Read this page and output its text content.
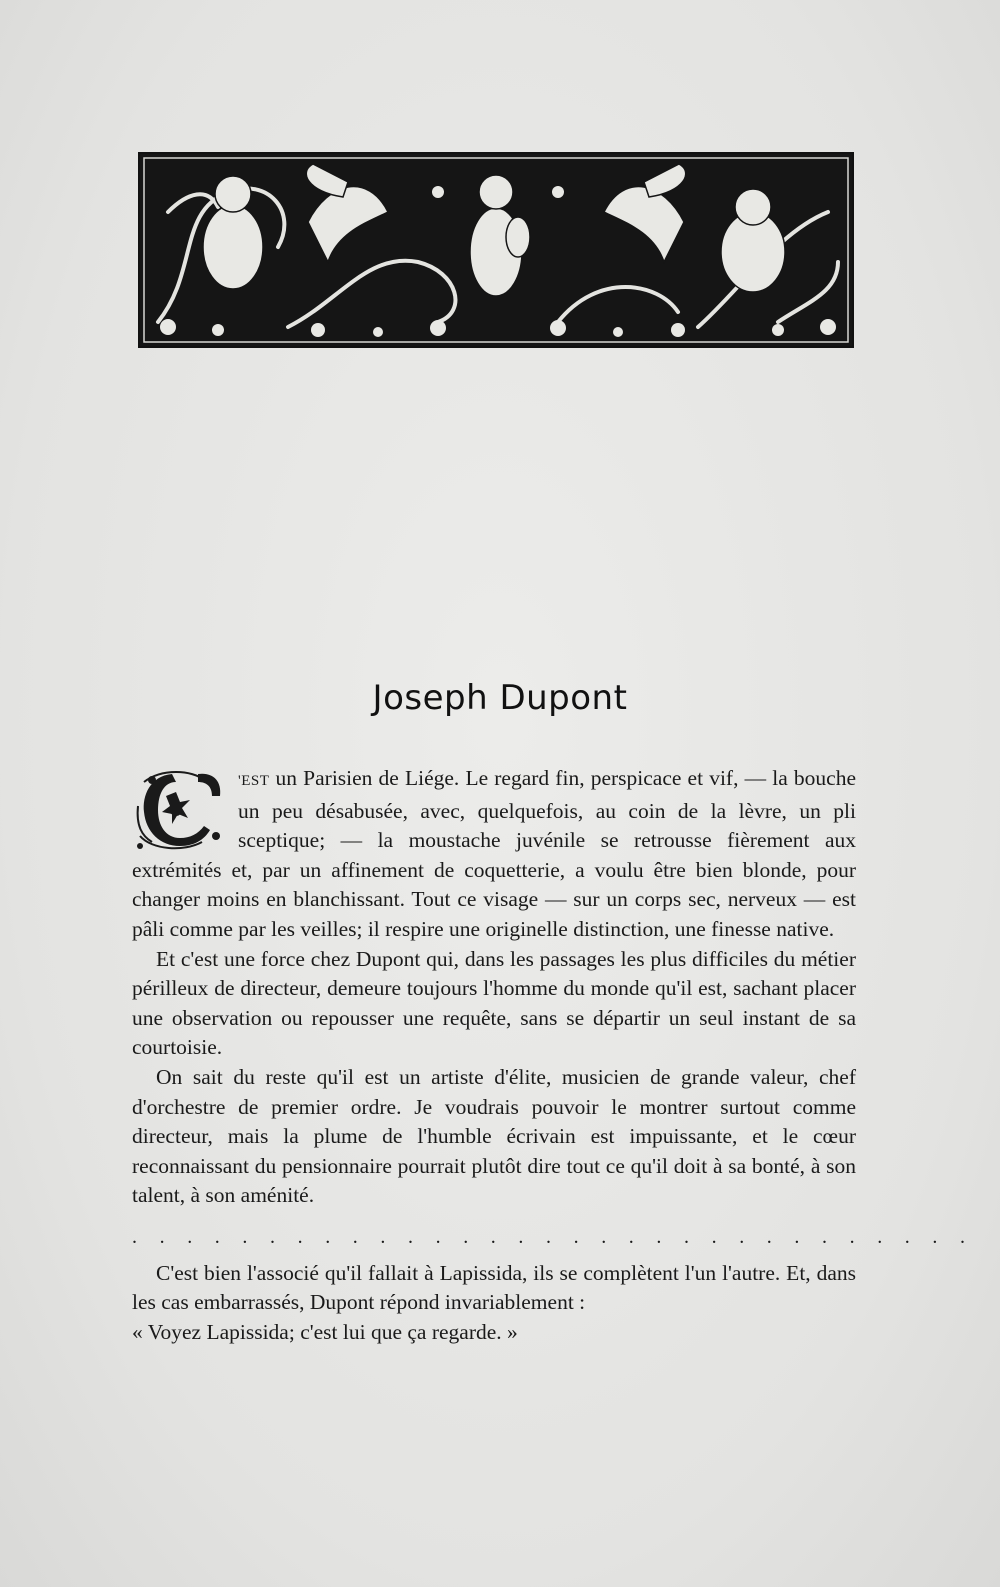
Joseph Dupont

'EST un Parisien de Liége. Le regard fin, perspicace et vif, — la bouche un peu désabusée, avec, quelquefois, au coin de la lèvre, un pli sceptique; — la moustache juvénile se retrousse fièrement aux extrémités et, par un affinement de coquetterie, a voulu être bien blonde, pour changer moins en blanchissant. Tout ce visage — sur un corps sec, nerveux — est pâli comme par les veilles; il respire une originelle distinction, une finesse native.

Et c'est une force chez Dupont qui, dans les passages les plus difficiles du métier périlleux de directeur, demeure toujours l'homme du monde qu'il est, sachant placer une observation ou repousser une requête, sans se départir un seul instant de sa courtoisie.

On sait du reste qu'il est un artiste d'élite, musicien de grande valeur, chef d'orchestre de premier ordre. Je voudrais pouvoir le montrer surtout comme directeur, mais la plume de l'humble écrivain est impuissante, et le cœur reconnaissant du pensionnaire pourrait plutôt dire tout ce qu'il doit à sa bonté, à son talent, à son aménité.

...............................

C'est bien l'associé qu'il fallait à Lapissida, ils se complètent l'un l'autre. Et, dans les cas embarrassés, Dupont répond invariablement :

« Voyez Lapissida; c'est lui que ça regarde. »
